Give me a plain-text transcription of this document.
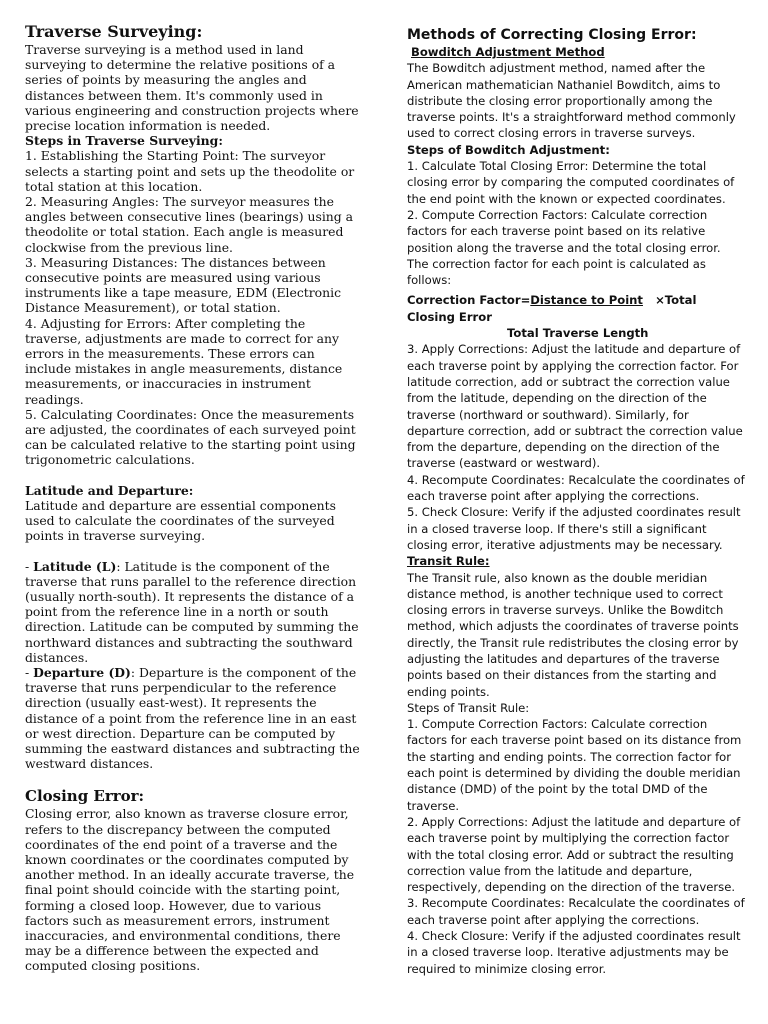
Traverse Surveying:

Traverse surveying is a method used in land surveying to determine the relative positions of a series of points by measuring the angles and distances between them. It's commonly used in various engineering and construction projects where precise location information is needed.

Steps in Traverse Surveying:

1. Establishing the Starting Point: The surveyor selects a starting point and sets up the theodolite or total station at this location.

2. Measuring Angles: The surveyor measures the angles between consecutive lines (bearings) using a theodolite or total station. Each angle is measured clockwise from the previous line.

3. Measuring Distances: The distances between consecutive points are measured using various instruments like a tape measure, EDM (Electronic Distance Measurement), or total station.

4. Adjusting for Errors: After completing the traverse, adjustments are made to correct for any errors in the measurements. These errors can include mistakes in angle measurements, distance measurements, or inaccuracies in instrument readings.

5. Calculating Coordinates: Once the measurements are adjusted, the coordinates of each surveyed point can be calculated relative to the starting point using trigonometric calculations.

Latitude and Departure:

Latitude and departure are essential components used to calculate the coordinates of the surveyed points in traverse surveying.

- Latitude (L): Latitude is the component of the traverse that runs parallel to the reference direction (usually north-south). It represents the distance of a point from the reference line in a north or south direction. Latitude can be computed by summing the northward distances and subtracting the southward distances.

- Departure (D): Departure is the component of the traverse that runs perpendicular to the reference direction (usually east-west). It represents the distance of a point from the reference line in an east or west direction. Departure can be computed by summing the eastward distances and subtracting the westward distances.

Closing Error:

Closing error, also known as traverse closure error, refers to the discrepancy between the computed coordinates of the end point of a traverse and the known coordinates or the coordinates computed by another method. In an ideally accurate traverse, the final point should coincide with the starting point, forming a closed loop. However, due to various factors such as measurement errors, instrument inaccuracies, and environmental conditions, there may be a difference between the expected and computed closing positions.

Methods of Correcting Closing Error:

Bowditch Adjustment Method

The Bowditch adjustment method, named after the American mathematician Nathaniel Bowditch, aims to distribute the closing error proportionally among the traverse points. It's a straightforward method commonly used to correct closing errors in traverse surveys.

Steps of Bowditch Adjustment:

1. Calculate Total Closing Error: Determine the total closing error by comparing the computed coordinates of the end point with the known or expected coordinates.

2. Compute Correction Factors: Calculate correction factors for each traverse point based on its relative position along the traverse and the total closing error. The correction factor for each point is calculated as follows:

Correction Factor=Distance to Point ×Total Closing Error

Total Traverse Length

3. Apply Corrections: Adjust the latitude and departure of each traverse point by applying the correction factor. For latitude correction, add or subtract the correction value from the latitude, depending on the direction of the traverse (northward or southward). Similarly, for departure correction, add or subtract the correction value from the departure, depending on the direction of the traverse (eastward or westward).

4. Recompute Coordinates: Recalculate the coordinates of each traverse point after applying the corrections.

5. Check Closure: Verify if the adjusted coordinates result in a closed traverse loop. If there's still a significant closing error, iterative adjustments may be necessary.

Transit Rule:

The Transit rule, also known as the double meridian distance method, is another technique used to correct closing errors in traverse surveys. Unlike the Bowditch method, which adjusts the coordinates of traverse points directly, the Transit rule redistributes the closing error by adjusting the latitudes and departures of the traverse points based on their distances from the starting and ending points.

Steps of Transit Rule:

1. Compute Correction Factors: Calculate correction factors for each traverse point based on its distance from the starting and ending points. The correction factor for each point is determined by dividing the double meridian distance (DMD) of the point by the total DMD of the traverse.

2. Apply Corrections: Adjust the latitude and departure of each traverse point by multiplying the correction factor with the total closing error. Add or subtract the resulting correction value from the latitude and departure, respectively, depending on the direction of the traverse.

3. Recompute Coordinates: Recalculate the coordinates of each traverse point after applying the corrections.

4. Check Closure: Verify if the adjusted coordinates result in a closed traverse loop. Iterative adjustments may be required to minimize closing error.
